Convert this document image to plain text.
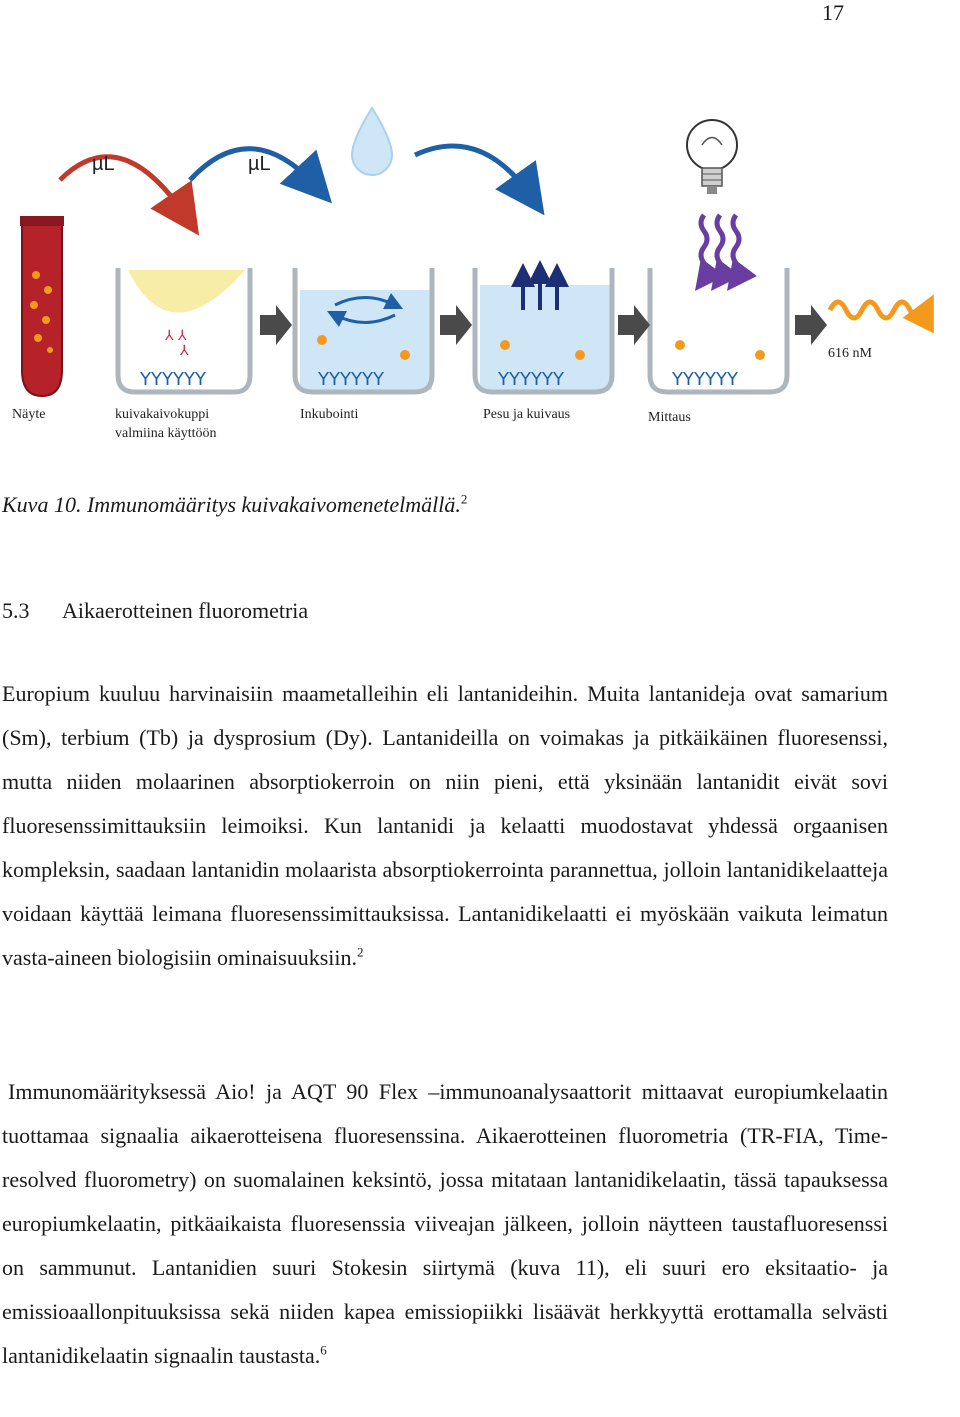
17
µL	µL
YYYYYY
⅄ ⅄
⅄
YYYYYY	YYYYYY	YYYYYY
616 nM
Näyte	kuivakaivokuppi
valmiina käyttöön
Inkubointi	Pesu ja kuivaus	Mittaus
Kuva 10. Immunomääritys kuivakaivomenetelmällä.$^2$
5.3 Aikaerotteinen fluorometria

Europium kuuluu harvinaisiin maametalleihin eli lantanideihin. Muita lantanideja ovat samarium (Sm), terbium (Tb) ja dysprosium (Dy). Lantanideilla on voimakas ja pitkäikäinen fluoresenssi, mutta niiden molaarinen absorptiokerroin on niin pieni, että yksinään lantanidit eivät sovi fluoresenssimittauksiin leimoiksi. Kun lantanidi ja kelaatti muodostavat yhdessä orgaanisen kompleksin, saadaan lantanidin molaarista absorptiokerrointa parannettua, jolloin lantanidikelaatteja voidaan käyttää leimana fluoresenssimittauksissa. Lantanidikelaatti ei myöskään vaikuta leimatun vasta-aineen biologisiin ominaisuuksiin.$^2$

Immunomäärityksessä Aio! ja AQT 90 Flex –immunoanalysaattorit mittaavat europiumkelaatin tuottamaa signaalia aikaerotteisena fluoresenssina. Aikaerotteinen fluorometria (TR-FIA, Time-resolved fluorometry) on suomalainen keksintö, jossa mitataan lantanidikelaatin, tässä tapauksessa europiumkelaatin, pitkäaikaista fluoresenssia viiveajan jälkeen, jolloin näytteen taustafluoresenssi on sammunut. Lantanidien suuri Stokesin siirtymä (kuva 11), eli suuri ero eksitaatio- ja emissioaallonpituuksissa sekä niiden kapea emissiopiikki lisäävät herkkyyttä erottamalla selvästi lantanidikelaatin signaalin taustasta.$^6$
